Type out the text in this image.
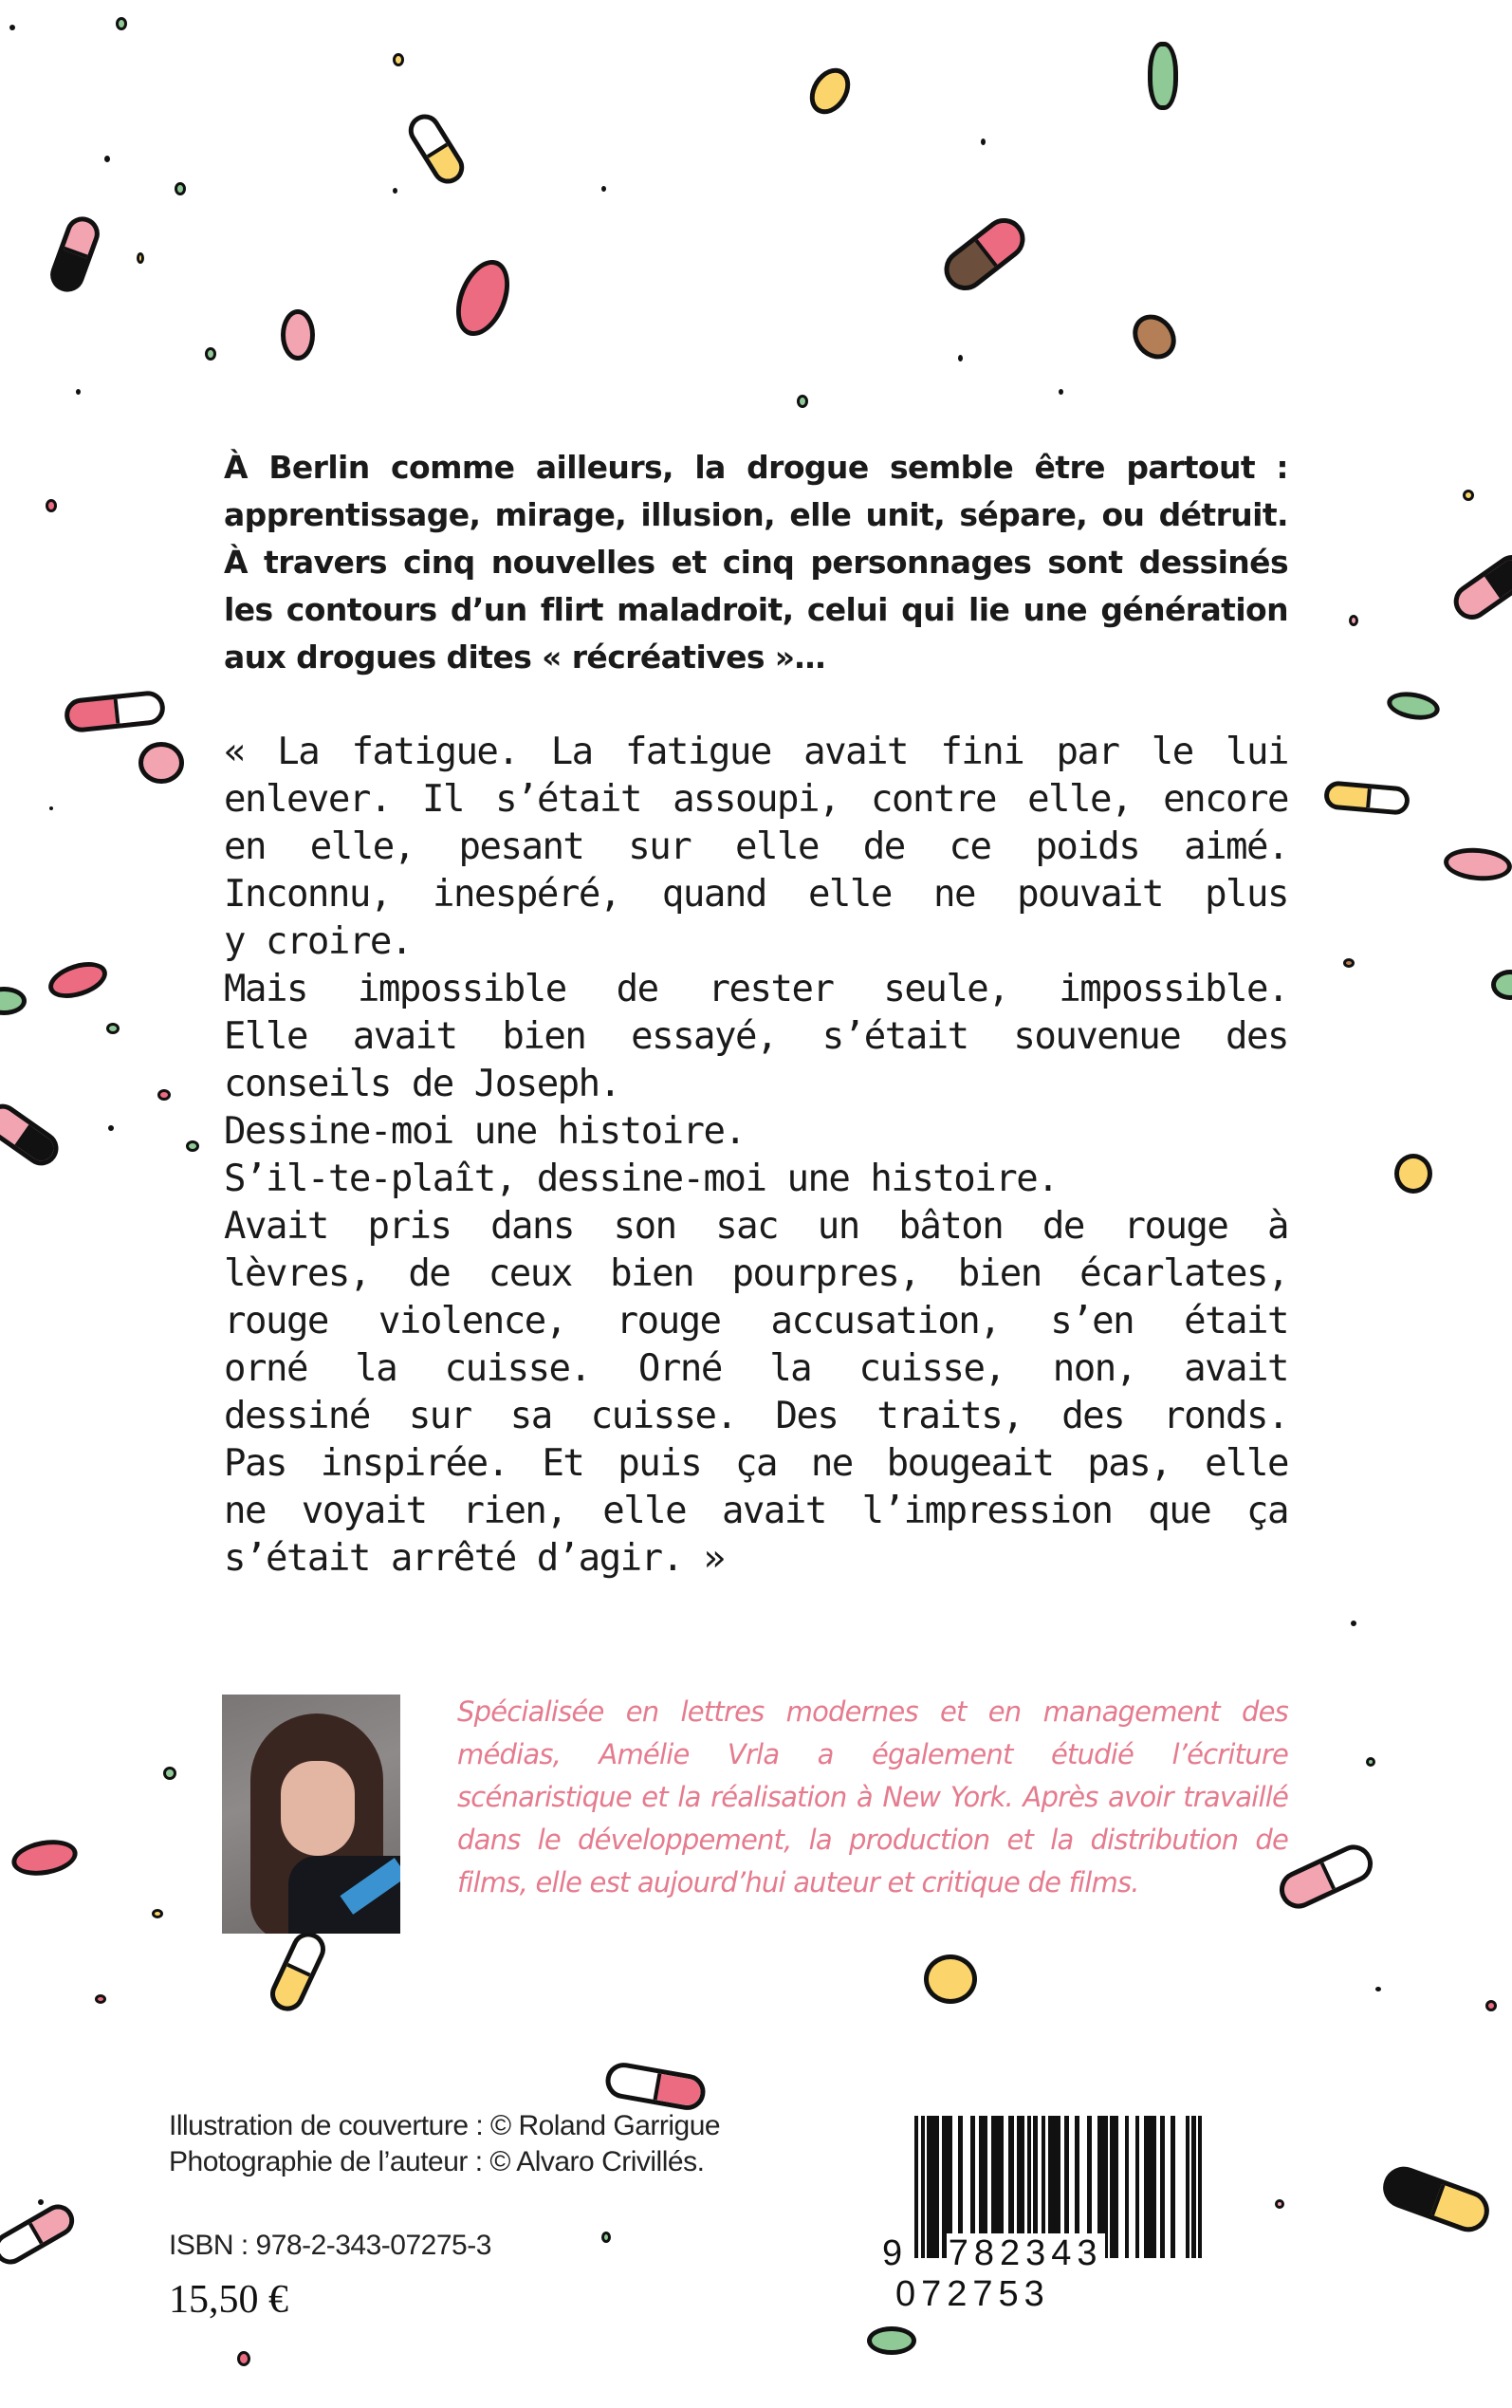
À Berlin comme ailleurs, la drogue semble être partout : apprentissage, mirage, illusion, elle unit, sépare, ou détruit. À travers cinq nouvelles et cinq personnages sont dessinés les contours d’un flirt maladroit, celui qui lie une génération aux drogues dites « récréatives »…
« La fatigue. La fatigue avait fini par le lui
enlever. Il s’était assoupi, contre elle, encore
en elle, pesant sur elle de ce poids aimé.
Inconnu, inespéré, quand elle ne pouvait plus
y croire.
Mais impossible de rester seule, impossible.
Elle avait bien essayé, s’était souvenue des
conseils de Joseph.
Dessine-moi une histoire.
S’il-te-plaît, dessine-moi une histoire.
Avait pris dans son sac un bâton de rouge à
lèvres, de ceux bien pourpres, bien écarlates,
rouge violence, rouge accusation, s’en était
orné la cuisse. Orné la cuisse, non, avait
dessiné sur sa cuisse. Des traits, des ronds.
Pas inspirée. Et puis ça ne bougeait pas, elle
ne voyait rien, elle avait l’impression que ça
s’était arrêté d’agir. »
Spécialisée en lettres modernes et en management des médias, Amélie Vrla a également étudié l’écriture scénaristique et la réalisation à New York. Après avoir travaillé dans le développement, la production et la distribution de films, elle est aujourd’hui auteur et critique de films.
Illustration de couverture : © Roland Garrigue
Photographie de l’auteur : © Alvaro Crivillés.
ISBN : 978-2-343-07275-3
15,50 €
9 782343 072753
